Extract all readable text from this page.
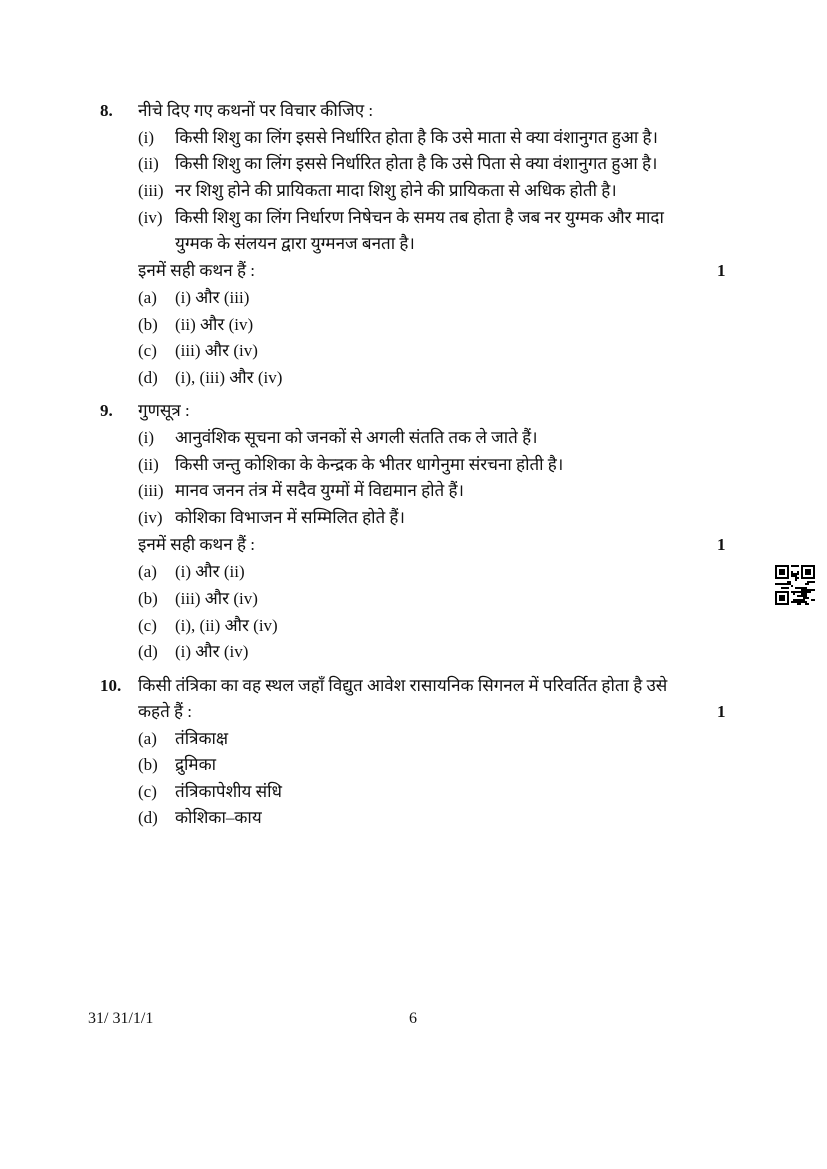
8. नीचे दिए गए कथनों पर विचार कीजिए :
(i) किसी शिशु का लिंग इससे निर्धारित होता है कि उसे माता से क्या वंशानुगत हुआ है।
(ii) किसी शिशु का लिंग इससे निर्धारित होता है कि उसे पिता से क्या वंशानुगत हुआ है।
(iii) नर शिशु होने की प्रायिकता मादा शिशु होने की प्रायिकता से अधिक होती है।
(iv) किसी शिशु का लिंग निर्धारण निषेचन के समय तब होता है जब नर युग्मक और मादा
युग्मक के संलयन द्वारा युग्मनज बनता है।
इनमें सही कथन हैं :	1
(a) (i) और (iii)
(b) (ii) और (iv)
(c) (iii) और (iv)
(d) (i), (iii) और (iv)
9. गुणसूत्र :
(i) आनुवंशिक सूचना को जनकों से अगली संतति तक ले जाते हैं।
(ii) किसी जन्तु कोशिका के केन्द्रक के भीतर धागेनुमा संरचना होती है।
(iii) मानव जनन तंत्र में सदैव युग्मों में विद्यमान होते हैं।
(iv) कोशिका विभाजन में सम्मिलित होते हैं।
इनमें सही कथन हैं :	1
(a) (i) और (ii)
(b) (iii) और (iv)
(c) (i), (ii) और (iv)
(d) (i) और (iv)
10. किसी तंत्रिका का वह स्थल जहाँ विद्युत आवेश रासायनिक सिगनल में परिवर्तित होता है उसे
कहते हैं :	1
(a) तंत्रिकाक्ष
(b) द्रुमिका
(c) तंत्रिकापेशीय संधि
(d) कोशिका–काय
31/ 31/1/1	6
